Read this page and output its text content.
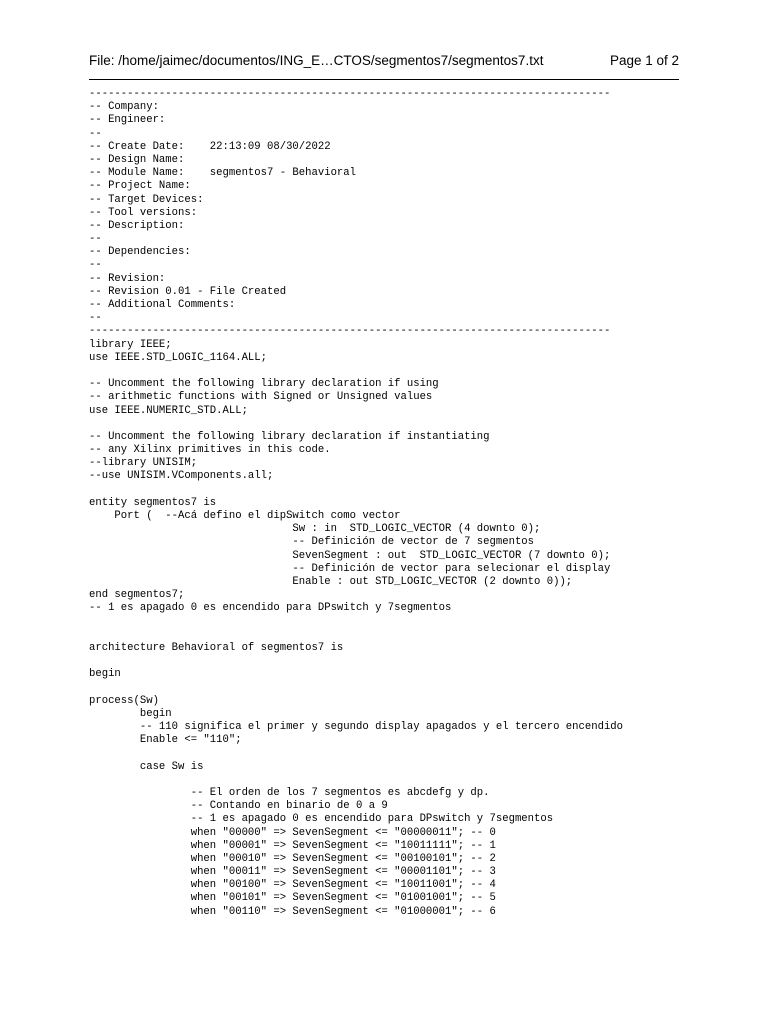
File: /home/jaimec/documentos/ING_E…CTOS/segmentos7/segmentos7.txt	Page 1 of 2
----------------------------------------------------------------------------------
-- Company:
-- Engineer:
--
-- Create Date:    22:13:09 08/30/2022
-- Design Name:
-- Module Name:    segmentos7 - Behavioral
-- Project Name:
-- Target Devices:
-- Tool versions:
-- Description:
--
-- Dependencies:
--
-- Revision:
-- Revision 0.01 - File Created
-- Additional Comments:
--
----------------------------------------------------------------------------------
library IEEE;
use IEEE.STD_LOGIC_1164.ALL;
-- Uncomment the following library declaration if using
-- arithmetic functions with Signed or Unsigned values
use IEEE.NUMERIC_STD.ALL;
-- Uncomment the following library declaration if instantiating
-- any Xilinx primitives in this code.
--library UNISIM;
--use UNISIM.VComponents.all;
entity segmentos7 is
Port (  --Acá defino el dipSwitch como vector
Sw : in  STD_LOGIC_VECTOR (4 downto 0);
-- Definición de vector de 7 segmentos
SevenSegment : out  STD_LOGIC_VECTOR (7 downto 0);
-- Definición de vector para selecionar el display
Enable : out STD_LOGIC_VECTOR (2 downto 0));
end segmentos7;
-- 1 es apagado 0 es encendido para DPswitch y 7segmentos
architecture Behavioral of segmentos7 is
begin
process(Sw)
begin
-- 110 significa el primer y segundo display apagados y el tercero encendido
Enable <= "110";
case Sw is
-- El orden de los 7 segmentos es abcdefg y dp.
-- Contando en binario de 0 a 9
-- 1 es apagado 0 es encendido para DPswitch y 7segmentos
when "00000" => SevenSegment <= "00000011"; -- 0
when "00001" => SevenSegment <= "10011111"; -- 1
when "00010" => SevenSegment <= "00100101"; -- 2
when "00011" => SevenSegment <= "00001101"; -- 3
when "00100" => SevenSegment <= "10011001"; -- 4
when "00101" => SevenSegment <= "01001001"; -- 5
when "00110" => SevenSegment <= "01000001"; -- 6
